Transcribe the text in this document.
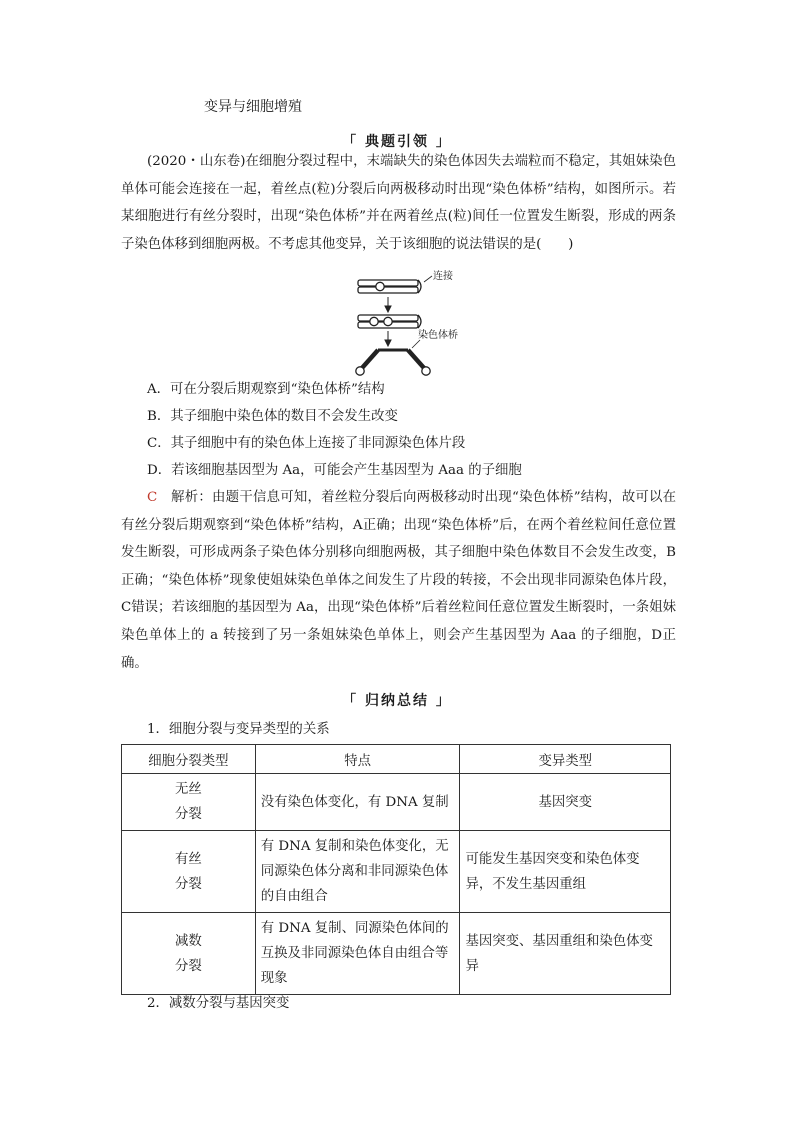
变异与细胞增殖
「 典题引领 」

(2020・山东卷)在细胞分裂过程中，末端缺失的染色体因失去端粒而不稳定，其姐妹染色单体可能会连接在一起，着丝点(粒)分裂后向两极移动时出现“染色体桥”结构，如图所示。若某细胞进行有丝分裂时，出现“染色体桥”并在两着丝点(粒)间任一位置发生断裂，形成的两条子染色体移到细胞两极。不考虑其他变异，关于该细胞的说法错误的是(　　)

连接
染色体桥
A．可在分裂后期观察到“染色体桥”结构
B．其子细胞中染色体的数目不会发生改变
C．其子细胞中有的染色体上连接了非同源染色体片段
D．若该细胞基因型为 Aa，可能会产生基因型为 Aaa 的子细胞

C　 解析：由题干信息可知，着丝粒分裂后向两极移动时出现“染色体桥”结构，故可以在有丝分裂后期观察到“染色体桥”结构，A正确；出现“染色体桥”后，在两个着丝粒间任意位置发生断裂，可形成两条子染色体分别移向细胞两极，其子细胞中染色体数目不会发生改变，B正确；“染色体桥”现象使姐妹染色单体之间发生了片段的转接，不会出现非同源染色体片段，C错误；若该细胞的基因型为 Aa，出现“染色体桥”后着丝粒间任意位置发生断裂时，一条姐妹染色单体上的 a 转接到了另一条姐妹染色单体上，则会产生基因型为 Aaa 的子细胞，D正确。

「 归纳总结 」
1．细胞分裂与变异类型的关系
细胞分裂类型	特点	变异类型
无丝
分裂	没有染色体变化，有 DNA 复制	基因突变
有丝
分裂	有 DNA 复制和染色体变化，无同源染色体分离和非同源染色体的自由组合	可能发生基因突变和染色体变异，不发生基因重组
减数
分裂	有 DNA 复制、同源染色体间的互换及非同源染色体自由组合等现象	基因突变、基因重组和染色体变异
2．减数分裂与基因突变
